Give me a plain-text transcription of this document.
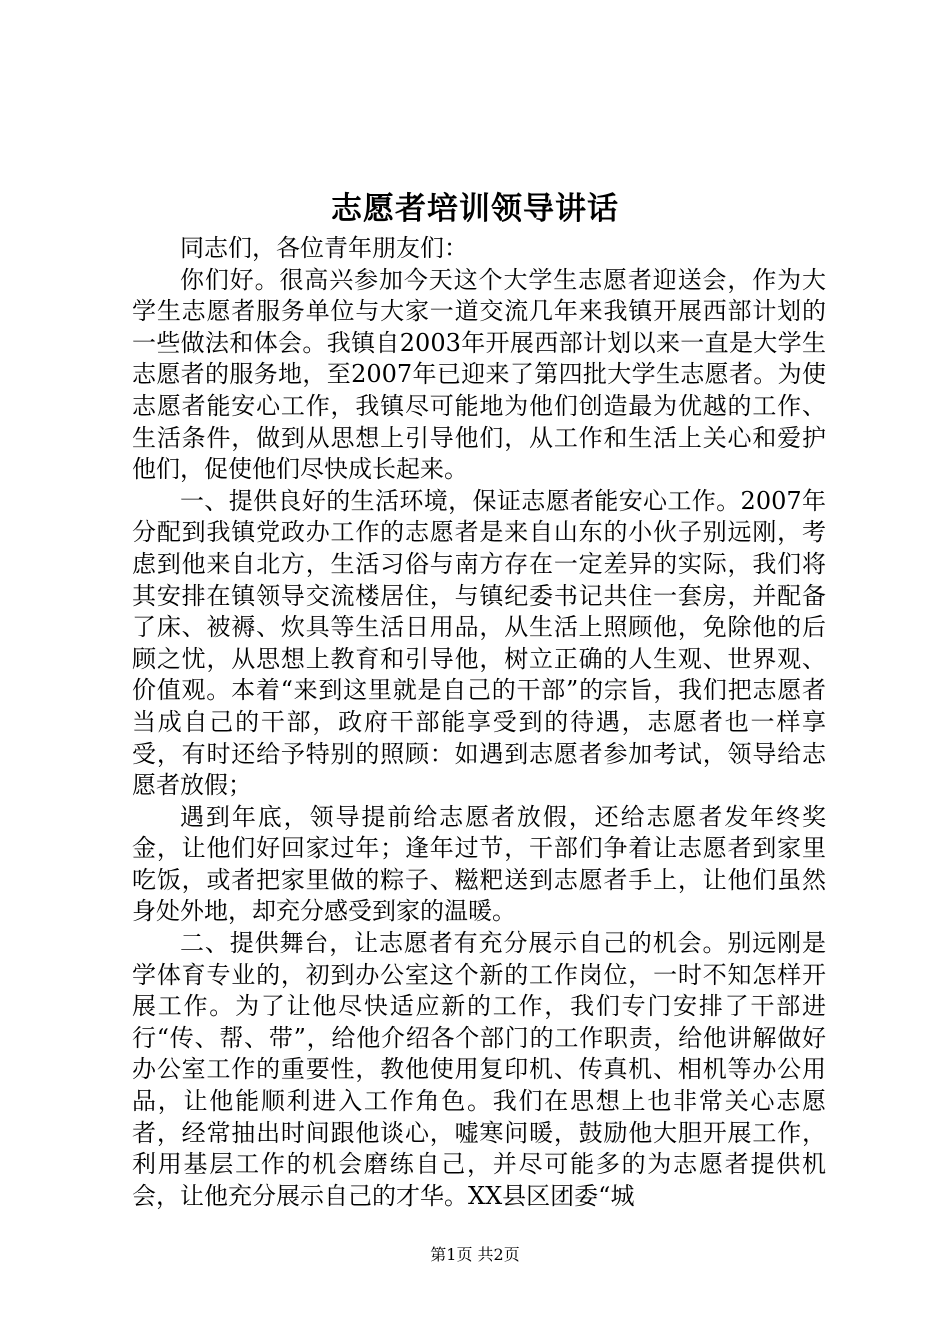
志愿者培训领导讲话

同志们，各位青年朋友们：

你们好。很高兴参加今天这个大学生志愿者迎送会，作为大学生志愿者服务单位与大家一道交流几年来我镇开展西部计划的一些做法和体会。我镇自2003年开展西部计划以来一直是大学生志愿者的服务地，至2007年已迎来了第四批大学生志愿者。为使志愿者能安心工作，我镇尽可能地为他们创造最为优越的工作、生活条件，做到从思想上引导他们，从工作和生活上关心和爱护他们，促使他们尽快成长起来。

一、提供良好的生活环境，保证志愿者能安心工作。2007年分配到我镇党政办工作的志愿者是来自山东的小伙子别远刚，考虑到他来自北方，生活习俗与南方存在一定差异的实际，我们将其安排在镇领导交流楼居住，与镇纪委书记共住一套房，并配备了床、被褥、炊具等生活日用品，从生活上照顾他，免除他的后顾之忧，从思想上教育和引导他，树立正确的人生观、世界观、价值观。本着“来到这里就是自己的干部”的宗旨，我们把志愿者当成自己的干部，政府干部能享受到的待遇，志愿者也一样享受，有时还给予特别的照顾：如遇到志愿者参加考试，领导给志愿者放假；

遇到年底，领导提前给志愿者放假，还给志愿者发年终奖金，让他们好回家过年；逢年过节，干部们争着让志愿者到家里吃饭，或者把家里做的粽子、糍粑送到志愿者手上，让他们虽然身处外地，却充分感受到家的温暖。

二、提供舞台，让志愿者有充分展示自己的机会。别远刚是学体育专业的，初到办公室这个新的工作岗位，一时不知怎样开展工作。为了让他尽快适应新的工作，我们专门安排了干部进行“传、帮、带”，给他介绍各个部门的工作职责，给他讲解做好办公室工作的重要性，教他使用复印机、传真机、相机等办公用品，让他能顺利进入工作角色。我们在思想上也非常关心志愿者，经常抽出时间跟他谈心，嘘寒问暖，鼓励他大胆开展工作，利用基层工作的机会磨练自己，并尽可能多的为志愿者提供机会，让他充分展示自己的才华。XX县区团委“城

第1页 共2页
